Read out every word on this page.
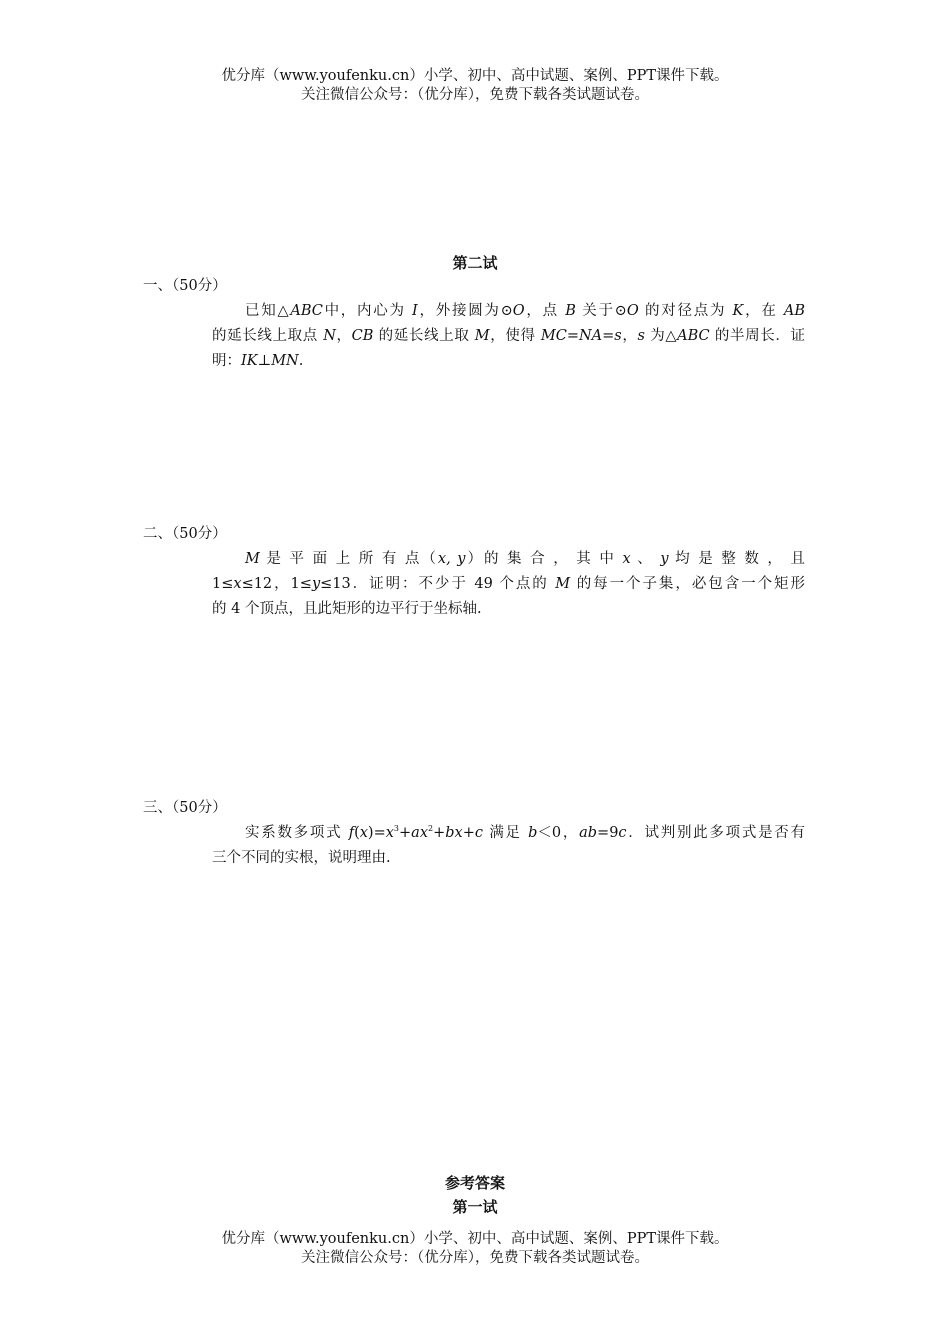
优分库（www.youfenku.cn）小学、初中、高中试题、案例、PPT课件下载。
关注微信公众号：（优分库），免费下载各类试题试卷。
第二试
一、（50分）
已知△ABC中，内心为 I，外接圆为⊙O，点 B 关于⊙O 的对径点为 K，在 AB
的延长线上取点 N，CB 的延长线上取 M，使得 MC=NA=s，s 为△ABC 的半周长．证
明：IK⊥MN.
二、（50分）
M 是 平 面 上 所 有 点（x, y）的 集 合 ， 其 中 x 、 y 均 是 整 数 ， 且
1≤x≤12，1≤y≤13．证明：不少于 49 个点的 M 的每一个子集，必包含一个矩形
的 4 个顶点，且此矩形的边平行于坐标轴.
三、（50分）
实系数多项式 $f(x)=x^3+ax^2+bx+c$ 满足 b＜0，ab=9c．试判别此多项式是否有
三个不同的实根，说明理由.
参考答案
第一试
优分库（www.youfenku.cn）小学、初中、高中试题、案例、PPT课件下载。
关注微信公众号：（优分库），免费下载各类试题试卷。
